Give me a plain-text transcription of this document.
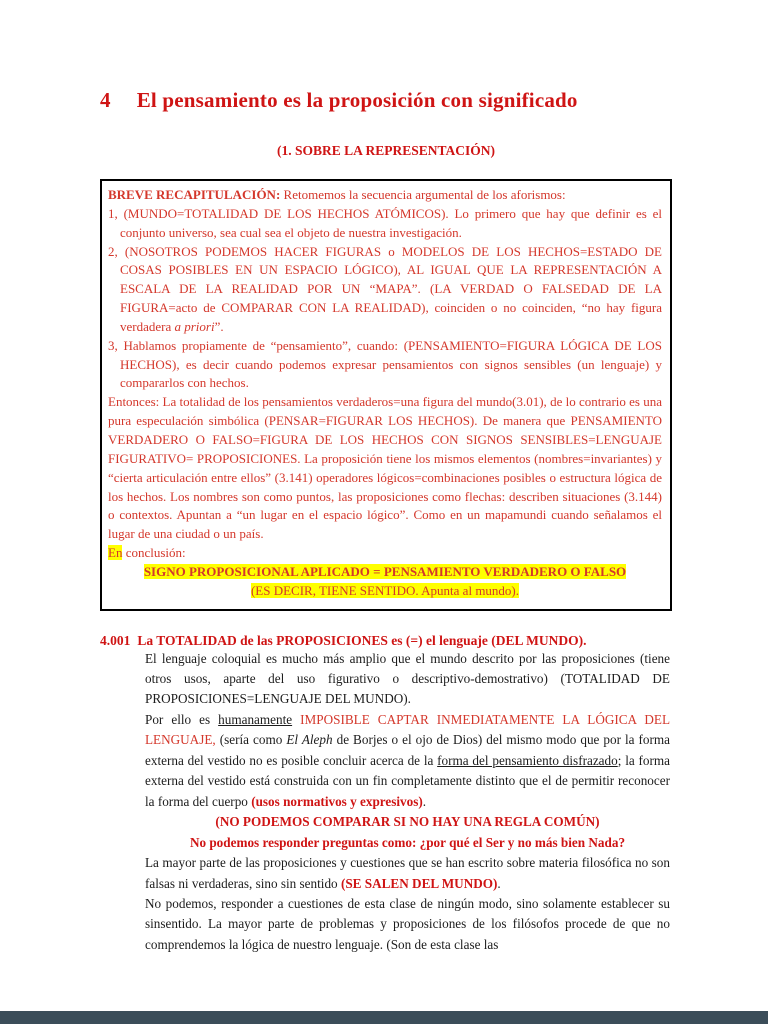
4 El pensamiento es la proposición con significado
(1. SOBRE LA REPRESENTACIÓN)

BREVE RECAPITULACIÓN: Retomemos la secuencia argumental de los aforismos:

1, (MUNDO=TOTALIDAD DE LOS HECHOS ATÓMICOS). Lo primero que hay que definir es el conjunto universo, sea cual sea el objeto de nuestra investigación.

2, (NOSOTROS PODEMOS HACER FIGURAS o MODELOS DE LOS HECHOS=ESTADO DE COSAS POSIBLES EN UN ESPACIO LÓGICO), AL IGUAL QUE LA REPRESENTACIÓN A ESCALA DE LA REALIDAD POR UN “MAPA”. (LA VERDAD O FALSEDAD DE LA FIGURA=acto de COMPARAR CON LA REALIDAD), coinciden o no coinciden, “no hay figura verdadera a priori”.

3, Hablamos propiamente de “pensamiento”, cuando: (PENSAMIENTO=FIGURA LÓGICA DE LOS HECHOS), es decir cuando podemos expresar pensamientos con signos sensibles (un lenguaje) y compararlos con hechos.

Entonces: La totalidad de los pensamientos verdaderos=una figura del mundo(3.01), de lo contrario es una pura especulación simbólica (PENSAR=FIGURAR LOS HECHOS). De manera que PENSAMIENTO VERDADERO O FALSO=FIGURA DE LOS HECHOS CON SIGNOS SENSIBLES=LENGUAJE FIGURATIVO= PROPOSICIONES. La proposición tiene los mismos elementos (nombres=invariantes) y “cierta articulación entre ellos” (3.141) operadores lógicos=combinaciones posibles o estructura lógica de los hechos. Los nombres son como puntos, las proposiciones como flechas: describen situaciones (3.144) o contextos. Apuntan a “un lugar en el espacio lógico”. Como en un mapamundi cuando señalamos el lugar de una ciudad o un país.

En conclusión:

SIGNO PROPOSICIONAL APLICADO = PENSAMIENTO VERDADERO O FALSO

(ES DECIR, TIENE SENTIDO. Apunta al mundo).

4.001 La TOTALIDAD de las PROPOSICIONES es (=) el lenguaje (DEL MUNDO).

El lenguaje coloquial es mucho más amplio que el mundo descrito por las proposiciones (tiene otros usos, aparte del uso figurativo o descriptivo-demostrativo) (TOTALIDAD DE PROPOSICIONES=LENGUAJE DEL MUNDO).

Por ello es humanamente IMPOSIBLE CAPTAR INMEDIATAMENTE LA LÓGICA DEL LENGUAJE, (sería como El Aleph de Borjes o el ojo de Dios) del mismo modo que por la forma externa del vestido no es posible concluir acerca de la forma del pensamiento disfrazado; la forma externa del vestido está construida con un fin completamente distinto que el de permitir reconocer la forma del cuerpo (usos normativos y expresivos).

(NO PODEMOS COMPARAR SI NO HAY UNA REGLA COMÚN)

No podemos responder preguntas como: ¿por qué el Ser y no más bien Nada?

La mayor parte de las proposiciones y cuestiones que se han escrito sobre materia filosófica no son falsas ni verdaderas, sino sin sentido (SE SALEN DEL MUNDO).

No podemos, responder a cuestiones de esta clase de ningún modo, sino solamente establecer su sinsentido. La mayor parte de problemas y proposiciones de los filósofos procede de que no comprendemos la lógica de nuestro lenguaje. (Son de esta clase las
